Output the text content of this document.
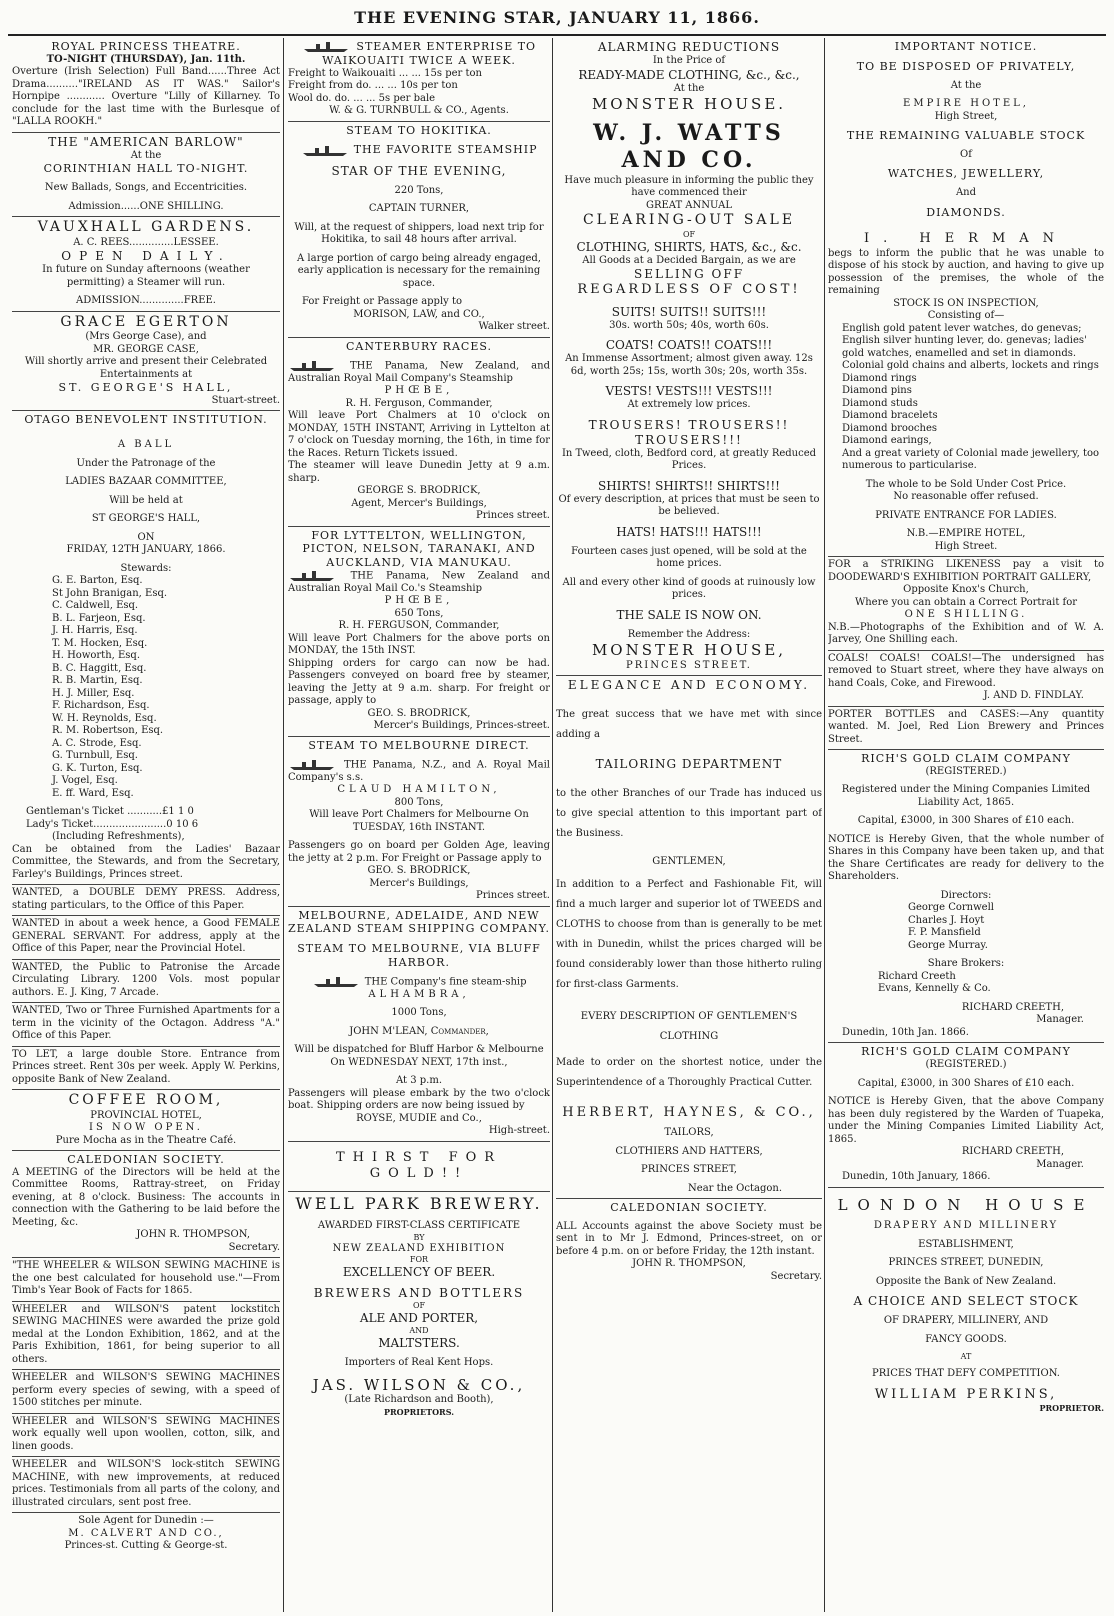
THE EVENING STAR, JANUARY 11, 1866.
ROYAL PRINCESS THEATRE.
TO-NIGHT (THURSDAY), Jan. 11th.

Overture (Irish Selection) Full Band......Three Act Drama.........."IRELAND AS IT WAS." Sailor's Hornpipe ............ Overture "Lilly of Killarney. To conclude for the last time with the Burlesque of "LALLA ROOKH."

THE "AMERICAN BARLOW"
At the
CORINTHIAN HALL TO-NIGHT.
New Ballads, Songs, and Eccentricities.
Admission......ONE SHILLING.
VAUXHALL GARDENS.
A. C. REES..............LESSEE.
OPEN DAILY.

In future on Sunday afternoons (weather permitting) a Steamer will run.

ADMISSION..............FREE.
GRACE EGERTON
(Mrs George Case), and
MR. GEORGE CASE,

Will shortly arrive and present their Celebrated Entertainments at

ST. GEORGE'S HALL,
Stuart-street.
OTAGO BENEVOLENT INSTITUTION.
A BALL
Under the Patronage of the
LADIES BAZAAR COMMITTEE,
Will be held at
ST GEORGE'S HALL,
ON
FRIDAY, 12TH JANUARY, 1866.
Stewards:
G. E. Barton, Esq.
St John Branigan, Esq.
C. Caldwell, Esq.
B. L. Farjeon, Esq.
J. H. Harris, Esq.
T. M. Hocken, Esq.
H. Howorth, Esq.
B. C. Haggitt, Esq.
R. B. Martin, Esq.
H. J. Miller, Esq.
F. Richardson, Esq.
W. H. Reynolds, Esq.
R. M. Robertson, Esq.
A. C. Strode, Esq.
G. Turnbull, Esq.
G. K. Turton, Esq.
J. Vogel, Esq.
E. ff. Ward, Esq.
Gentleman's Ticket ...........£1 1 0
Lady's Ticket.......................0 10 6
(Including Refreshments),

Can be obtained from the Ladies' Bazaar Committee, the Stewards, and from the Secretary, Farley's Buildings, Princes street.

WANTED, a DOUBLE DEMY PRESS. Address, stating particulars, to the Office of this Paper.
WANTED in about a week hence, a Good FEMALE GENERAL SERVANT. For address, apply at the Office of this Paper, near the Provincial Hotel.
WANTED, the Public to Patronise the Arcade Circulating Library. 1200 Vols. most popular authors. E. J. King, 7 Arcade.
WANTED, Two or Three Furnished Apartments for a term in the vicinity of the Octagon. Address "A." Office of this Paper.
TO LET, a large double Store. Entrance from Princes street. Rent 30s per week. Apply W. Perkins, opposite Bank of New Zealand.
COFFEE ROOM,
PROVINCIAL HOTEL,
IS NOW OPEN.
Pure Mocha as in the Theatre Café.
CALEDONIAN SOCIETY.

A MEETING of the Directors will be held at the Committee Rooms, Rattray-street, on Friday evening, at 8 o'clock. Business: The accounts in connection with the Gathering to be laid before the Meeting, &c.

JOHN R. THOMPSON,
Secretary.
"THE WHEELER & WILSON SEWING MACHINE is the one best calculated for household use."—From Timb's Year Book of Facts for 1865.
WHEELER and WILSON'S patent lockstitch SEWING MACHINES were awarded the prize gold medal at the London Exhibition, 1862, and at the Paris Exhibition, 1861, for being superior to all others.
WHEELER and WILSON'S SEWING MACHINES perform every species of sewing, with a speed of 1500 stitches per minute.
WHEELER and WILSON'S SEWING MACHINES work equally well upon woollen, cotton, silk, and linen goods.
WHEELER and WILSON'S lock-stitch SEWING MACHINE, with new improvements, at reduced prices. Testimonials from all parts of the colony, and illustrated circulars, sent post free.
Sole Agent for Dunedin :—
M. CALVERT AND CO.,
Princes-st. Cutting & George-st.
STEAMER ENTERPRISE TO WAIKOUAITI TWICE A WEEK.
Freight to Waikouaiti ... ... 15s per ton
Freight from do. ... ... 10s per ton
Wool do. do. ... ... 5s per bale
W. & G. TURNBULL & CO., Agents.
STEAM TO HOKITIKA.
THE FAVORITE STEAMSHIP
STAR OF THE EVENING,
220 Tons,
CAPTAIN TURNER,

Will, at the request of shippers, load next trip for Hokitika, to sail 48 hours after arrival.

A large portion of cargo being already engaged, early application is necessary for the remaining space.

For Freight or Passage apply to
MORISON, LAW, and CO.,
Walker street.
CANTERBURY RACES.

THE Panama, New Zealand, and Australian Royal Mail Company's Steamship

PHŒBE,
R. H. Ferguson, Commander,

Will leave Port Chalmers at 10 o'clock on MONDAY, 15TH INSTANT, Arriving in Lyttelton at 7 o'clock on Tuesday morning, the 16th, in time for the Races. Return Tickets issued.

The steamer will leave Dunedin Jetty at 9 a.m. sharp.

GEORGE S. BRODRICK,
Agent, Mercer's Buildings,
Princes street.
FOR LYTTELTON, WELLINGTON, PICTON, NELSON, TARANAKI, AND AUCKLAND, VIA MANUKAU.

THE Panama, New Zealand and Australian Royal Mail Co.'s Steamship

PHŒBE,
650 Tons,
R. H. FERGUSON, Commander,

Will leave Port Chalmers for the above ports on MONDAY, the 15th INST.

Shipping orders for cargo can now be had. Passengers conveyed on board free by steamer, leaving the Jetty at 9 a.m. sharp. For freight or passage, apply to

GEO. S. BRODRICK,
Mercer's Buildings, Princes-street.
STEAM TO MELBOURNE DIRECT.

THE Panama, N.Z., and A. Royal Mail Company's s.s.

CLAUD HAMILTON,
800 Tons,

Will leave Port Chalmers for Melbourne On TUESDAY, 16th INSTANT.

Passengers go on board per Golden Age, leaving the jetty at 2 p.m. For Freight or Passage apply to

GEO. S. BRODRICK,
Mercer's Buildings,
Princes street.
MELBOURNE, ADELAIDE, AND NEW ZEALAND STEAM SHIPPING COMPANY.
STEAM TO MELBOURNE, VIA BLUFF HARBOR.

THE Company's fine steam-ship

ALHAMBRA,
1000 Tons,
JOHN M'LEAN, Commander,

Will be dispatched for Bluff Harbor & Melbourne On WEDNESDAY NEXT, 17th inst.,

At 3 p.m.

Passengers will please embark by the two o'clock boat. Shipping orders are now being issued by

ROYSE, MUDIE and Co.,
High-street.
THIRST FOR GOLD!!
WELL PARK BREWERY.
AWARDED FIRST-CLASS CERTIFICATE
BY
NEW ZEALAND EXHIBITION
FOR
EXCELLENCY OF BEER.
BREWERS AND BOTTLERS
OF
ALE AND PORTER,
AND
MALTSTERS.
Importers of Real Kent Hops.
JAS. WILSON & CO.,
(Late Richardson and Booth),
PROPRIETORS.
ALARMING REDUCTIONS
In the Price of
READY-MADE CLOTHING, &c., &c.,
At the
MONSTER HOUSE.
W. J. WATTS AND CO.

Have much pleasure in informing the public they have commenced their

GREAT ANNUAL
CLEARING-OUT SALE
OF
CLOTHING, SHIRTS, HATS, &c., &c.
All Goods at a Decided Bargain, as we are
SELLING OFF
REGARDLESS OF COST!
SUITS! SUITS!! SUITS!!!
30s. worth 50s; 40s, worth 60s.
COATS! COATS!! COATS!!!

An Immense Assortment; almost given away. 12s 6d, worth 25s; 15s, worth 30s; 20s, worth 35s.

VESTS! VESTS!!! VESTS!!!
At extremely low prices.
TROUSERS! TROUSERS!! TROUSERS!!!

In Tweed, cloth, Bedford cord, at greatly Reduced Prices.

SHIRTS! SHIRTS!! SHIRTS!!!

Of every description, at prices that must be seen to be believed.

HATS! HATS!!! HATS!!!

Fourteen cases just opened, will be sold at the home prices.

All and every other kind of goods at ruinously low prices.

THE SALE IS NOW ON.
Remember the Address:
MONSTER HOUSE,
PRINCES STREET.
ELEGANCE AND ECONOMY.

The great success that we have met with since adding a

TAILORING DEPARTMENT

to the other Branches of our Trade has induced us to give special attention to this important part of the Business.

GENTLEMEN,

In addition to a Perfect and Fashionable Fit, will find a much larger and superior lot of TWEEDS and CLOTHS to choose from than is generally to be met with in Dunedin, whilst the prices charged will be found considerably lower than those hitherto ruling for first-class Garments.

EVERY DESCRIPTION OF GENTLEMEN'S CLOTHING

Made to order on the shortest notice, under the Superintendence of a Thoroughly Practical Cutter.

HERBERT, HAYNES, & CO.,
TAILORS,
CLOTHIERS AND HATTERS,
PRINCES STREET,
Near the Octagon.
CALEDONIAN SOCIETY.

ALL Accounts against the above Society must be sent in to Mr J. Edmond, Princes-street, on or before 4 p.m. on or before Friday, the 12th instant.

JOHN R. THOMPSON,
Secretary.
IMPORTANT NOTICE.
TO BE DISPOSED OF PRIVATELY,
At the
EMPIRE HOTEL,
High Street,
THE REMAINING VALUABLE STOCK
Of
WATCHES, JEWELLERY,
And
DIAMONDS.
I. HERMAN

begs to inform the public that he was unable to dispose of his stock by auction, and having to give up possession of the premises, the whole of the remaining

STOCK IS ON INSPECTION,
Consisting of—
English gold patent lever watches, do genevas; English silver hunting lever, do. genevas; ladies' gold watches, enamelled and set in diamonds.
Colonial gold chains and alberts, lockets and rings
Diamond rings
Diamond pins
Diamond studs
Diamond bracelets
Diamond brooches
Diamond earings,
And a great variety of Colonial made jewellery, too numerous to particularise.
The whole to be Sold Under Cost Price.
No reasonable offer refused.
PRIVATE ENTRANCE FOR LADIES.
N.B.—EMPIRE HOTEL,
High Street.

FOR a STRIKING LIKENESS pay a visit to DOODEWARD'S EXHIBITION PORTRAIT GALLERY,

Opposite Knox's Church,
Where you can obtain a Correct Portrait for
ONE SHILLING.

N.B.—Photographs of the Exhibition and of W. A. Jarvey, One Shilling each.

COALS! COALS! COALS!—The undersigned has removed to Stuart street, where they have always on hand Coals, Coke, and Firewood.

J. AND D. FINDLAY.
PORTER BOTTLES and CASES:—Any quantity wanted. M. Joel, Red Lion Brewery and Princes Street.
RICH'S GOLD CLAIM COMPANY
(REGISTERED.)

Registered under the Mining Companies Limited Liability Act, 1865.

Capital, £3000, in 300 Shares of £10 each.

NOTICE is Hereby Given, that the whole number of Shares in this Company have been taken up, and that the Share Certificates are ready for delivery to the Shareholders.

Directors:
George Cornwell
Charles J. Hoyt
F. P. Mansfield
George Murray.
Share Brokers:
Richard Creeth
Evans, Kennelly & Co.
RICHARD CREETH,
Manager.
Dunedin, 10th Jan. 1866.
RICH'S GOLD CLAIM COMPANY
(REGISTERED.)
Capital, £3000, in 300 Shares of £10 each.

NOTICE is Hereby Given, that the above Company has been duly registered by the Warden of Tuapeka, under the Mining Companies Limited Liability Act, 1865.

RICHARD CREETH,
Manager.
Dunedin, 10th January, 1866.
LONDON HOUSE
DRAPERY AND MILLINERY
ESTABLISHMENT,
PRINCES STREET, DUNEDIN,
Opposite the Bank of New Zealand.
A CHOICE AND SELECT STOCK
OF DRAPERY, MILLINERY, AND
FANCY GOODS.
AT
PRICES THAT DEFY COMPETITION.
WILLIAM PERKINS,
PROPRIETOR.
